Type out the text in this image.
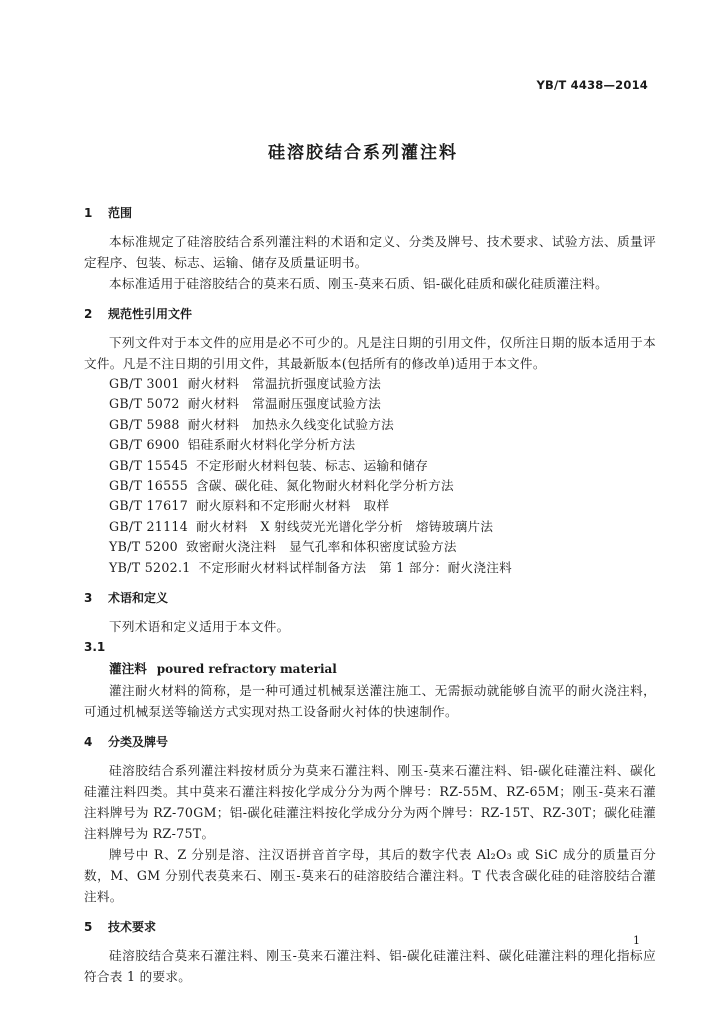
YB/T 4438—2014
硅溶胶结合系列灌注料
1 范围

本标准规定了硅溶胶结合系列灌注料的术语和定义、分类及牌号、技术要求、试验方法、质量评定程序、包装、标志、运输、储存及质量证明书。

本标准适用于硅溶胶结合的莫来石质、刚玉-莫来石质、铝-碳化硅质和碳化硅质灌注料。

2 规范性引用文件

下列文件对于本文件的应用是必不可少的。凡是注日期的引用文件，仅所注日期的版本适用于本文件。凡是不注日期的引用文件，其最新版本(包括所有的修改单)适用于本文件。

GB/T 3001 耐火材料　常温抗折强度试验方法
GB/T 5072 耐火材料　常温耐压强度试验方法
GB/T 5988 耐火材料　加热永久线变化试验方法
GB/T 6900 铝硅系耐火材料化学分析方法
GB/T 15545 不定形耐火材料包装、标志、运输和储存
GB/T 16555 含碳、碳化硅、氮化物耐火材料化学分析方法
GB/T 17617 耐火原料和不定形耐火材料　取样
GB/T 21114 耐火材料　X 射线荧光光谱化学分析　熔铸玻璃片法
YB/T 5200 致密耐火浇注料　显气孔率和体积密度试验方法
YB/T 5202.1 不定形耐火材料试样制备方法　第 1 部分：耐火浇注料
3 术语和定义

下列术语和定义适用于本文件。

3.1
灌注料 poured refractory material

灌注耐火材料的简称，是一种可通过机械泵送灌注施工、无需振动就能够自流平的耐火浇注料，可通过机械泵送等输送方式实现对热工设备耐火衬体的快速制作。

4 分类及牌号

硅溶胶结合系列灌注料按材质分为莫来石灌注料、刚玉-莫来石灌注料、铝-碳化硅灌注料、碳化硅灌注料四类。其中莫来石灌注料按化学成分分为两个牌号：RZ-55M、RZ-65M；刚玉-莫来石灌注料牌号为 RZ-70GM；铝-碳化硅灌注料按化学成分分为两个牌号：RZ-15T、RZ-30T；碳化硅灌注料牌号为 RZ-75T。

牌号中 R、Z 分别是溶、注汉语拼音首字母，其后的数字代表 Al₂O₃ 或 SiC 成分的质量百分数，M、GM 分别代表莫来石、刚玉-莫来石的硅溶胶结合灌注料。T 代表含碳化硅的硅溶胶结合灌注料。

5 技术要求

硅溶胶结合莫来石灌注料、刚玉-莫来石灌注料、铝-碳化硅灌注料、碳化硅灌注料的理化指标应符合表 1 的要求。

1
